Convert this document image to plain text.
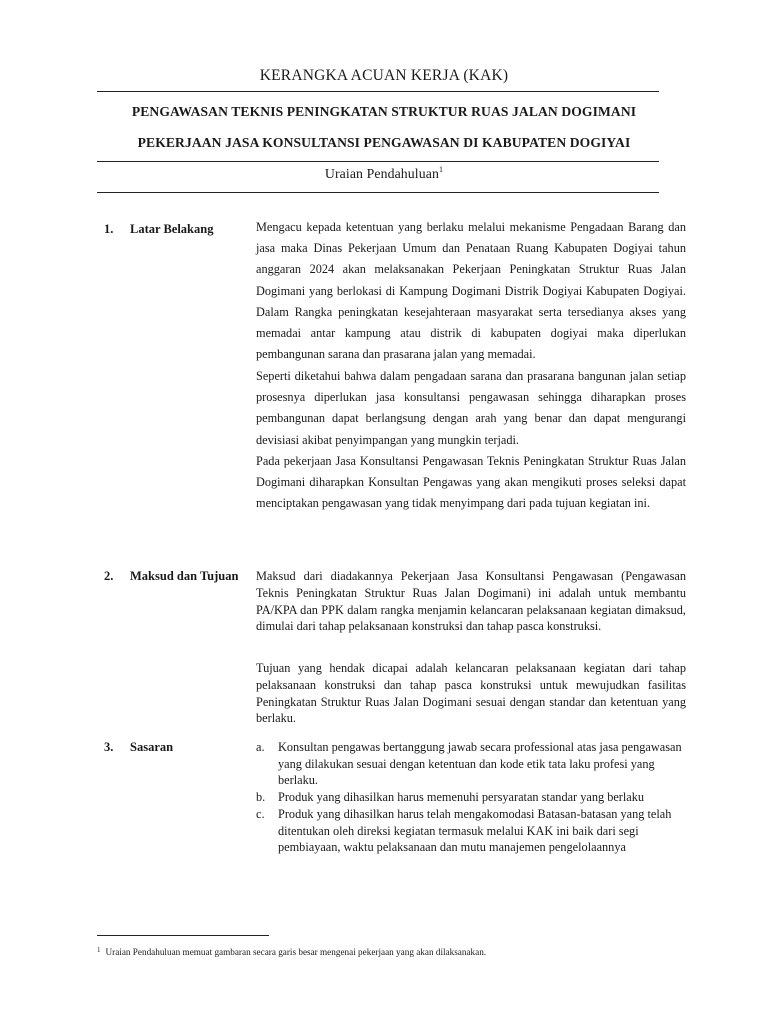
KERANGKA ACUAN KERJA (KAK)
PENGAWASAN TEKNIS PENINGKATAN STRUKTUR RUAS JALAN DOGIMANI
PEKERJAAN JASA KONSULTANSI PENGAWASAN DI KABUPATEN DOGIYAI
Uraian Pendahuluan$^1$
1. Latar Belakang	Mengacu kepada ketentuan yang berlaku melalui mekanisme Pengadaan Barang dan jasa maka Dinas Pekerjaan Umum dan Penataan Ruang Kabupaten Dogiyai tahun anggaran 2024 akan melaksanakan Pekerjaan Peningkatan Struktur Ruas Jalan Dogimani yang berlokasi di Kampung Dogimani Distrik Dogiyai Kabupaten Dogiyai. Dalam Rangka peningkatan kesejahteraan masyarakat serta tersedianya akses yang memadai antar kampung atau distrik di kabupaten dogiyai maka diperlukan pembangunan sarana dan prasarana jalan yang memadai.

Seperti diketahui bahwa dalam pengadaan sarana dan prasarana bangunan jalan setiap prosesnya diperlukan jasa konsultansi pengawasan sehingga diharapkan proses pembangunan dapat berlangsung dengan arah yang benar dan dapat mengurangi devisiasi akibat penyimpangan yang mungkin terjadi.

Pada pekerjaan Jasa Konsultansi Pengawasan Teknis Peningkatan Struktur Ruas Jalan Dogimani diharapkan Konsultan Pengawas yang akan mengikuti proses seleksi dapat menciptakan pengawasan yang tidak menyimpang dari pada tujuan kegiatan ini.

2. Maksud dan Tujuan Maksud dari diadakannya Pekerjaan Jasa Konsultansi Pengawasan (Pengawasan Teknis Peningkatan Struktur Ruas Jalan Dogimani) ini adalah untuk membantu PA/KPA dan PPK dalam rangka menjamin kelancaran pelaksanaan kegiatan dimaksud, dimulai dari tahap pelaksanaan konstruksi dan tahap pasca konstruksi.

Tujuan yang hendak dicapai adalah kelancaran pelaksanaan kegiatan dari tahap pelaksanaan konstruksi dan tahap pasca konstruksi untuk mewujudkan fasilitas Peningkatan Struktur Ruas Jalan Dogimani sesuai dengan standar dan ketentuan yang berlaku.

3. Sasaran	a. Konsultan pengawas bertanggung jawab secara professional atas jasa pengawasan yang dilakukan sesuai dengan ketentuan dan kode etik tata laku profesi yang berlaku.
b. Produk yang dihasilkan harus memenuhi persyaratan standar yang berlaku
c. Produk yang dihasilkan harus telah mengakomodasi Batasan-batasan yang telah ditentukan oleh direksi kegiatan termasuk melalui KAK ini baik dari segi pembiayaan, waktu pelaksanaan dan mutu manajemen pengelolaannya
$^1$ Uraian Pendahuluan memuat gambaran secara garis besar mengenai pekerjaan yang akan dilaksanakan.
